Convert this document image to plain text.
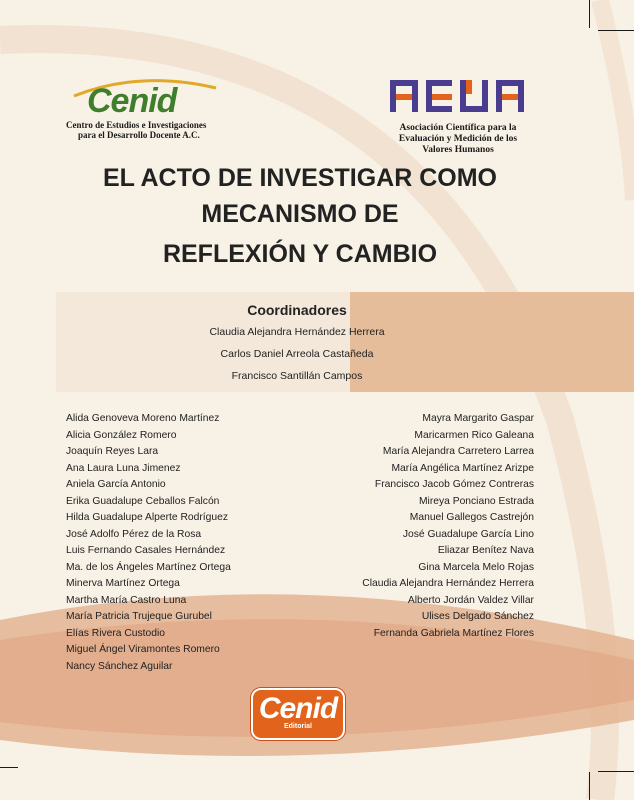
Cenid
Centro de Estudios e Investigaciones
para el Desarrollo Docente A.C.
Asociación Científica para la
Evaluación y Medición de los
Valores Humanos
EL ACTO DE INVESTIGAR COMO
MECANISMO DE
REFLEXIÓN Y CAMBIO
Coordinadores
Claudia Alejandra Hernández Herrera
Carlos Daniel Arreola Castañeda
Francisco Santillán Campos
Alida Genoveva Moreno Martínez
Alicia González Romero
Joaquín Reyes Lara
Ana Laura Luna Jimenez
Aniela García Antonio
Erika Guadalupe Ceballos Falcón
Hilda Guadalupe Alperte Rodríguez
José Adolfo Pérez de la Rosa
Luis Fernando Casales Hernández
Ma. de los Ángeles Martínez Ortega
Minerva Martínez Ortega
Martha María Castro Luna
María Patricia Trujeque Gurubel
Elías Rivera Custodio
Miguel Ángel Viramontes Romero
Nancy Sánchez Aguilar
Mayra Margarito Gaspar
Maricarmen Rico Galeana
María Alejandra Carretero Larrea
María Angélica Martínez Arizpe
Francisco Jacob Gómez Contreras
Mireya Ponciano Estrada
Manuel Gallegos Castrejón
José Guadalupe García Lino
Eliazar Benítez Nava
Gina Marcela Melo Rojas
Claudia Alejandra Hernández Herrera
Alberto Jordán Valdez Villar
Ulises Delgado Sánchez
Fernanda Gabriela Martínez Flores
Cenid
Editorial
